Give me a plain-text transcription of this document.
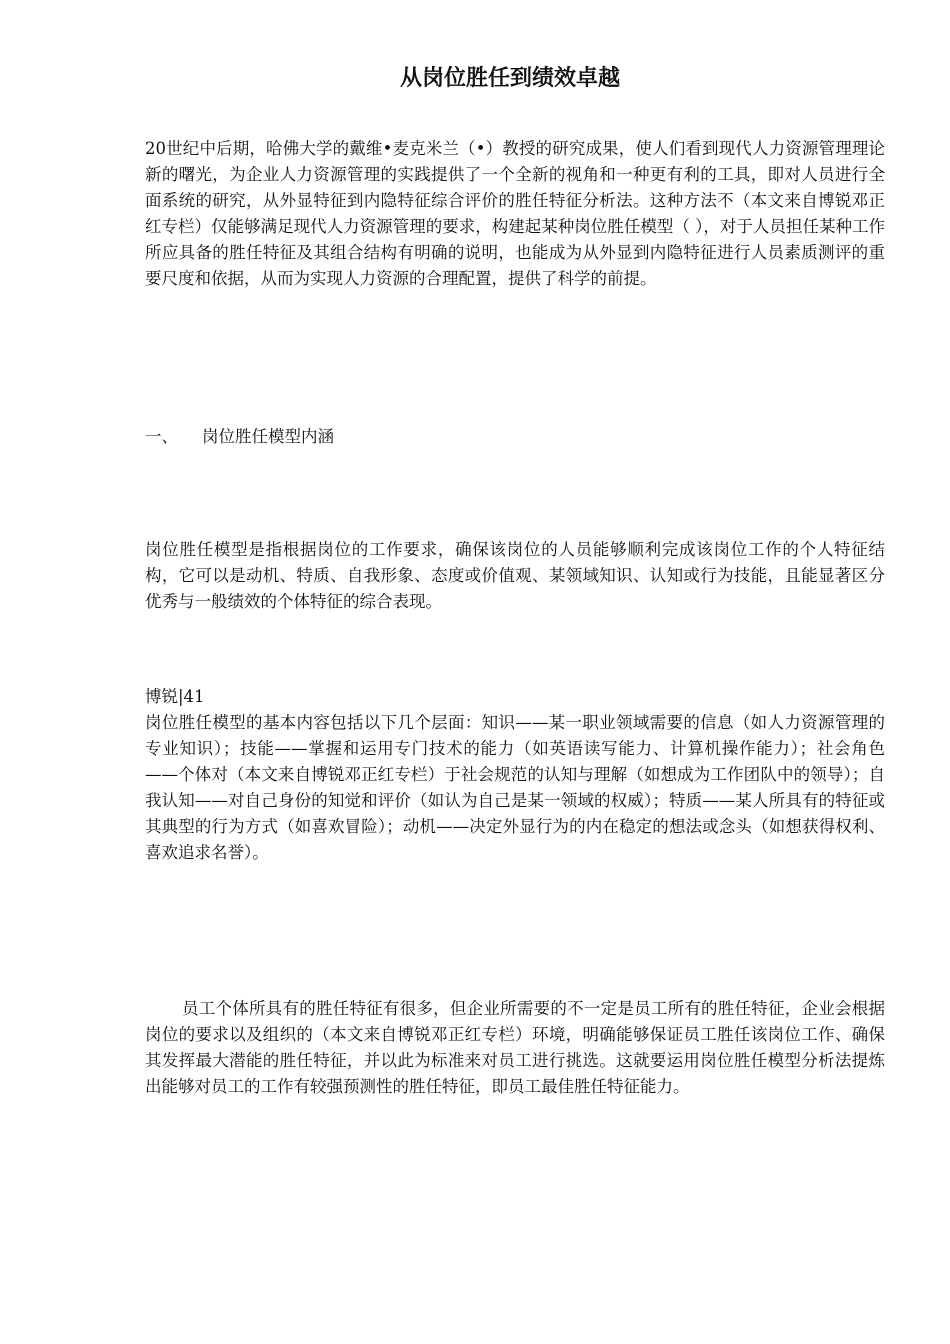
从岗位胜任到绩效卓越

20世纪中后期，哈佛大学的戴维•麦克米兰（•）教授的研究成果，使人们看到现代人力资源管理理论新的曙光，为企业人力资源管理的实践提供了一个全新的视角和一种更有利的工具，即对人员进行全面系统的研究，从外显特征到内隐特征综合评价的胜任特征分析法。这种方法不（本文来自博锐邓正红专栏）仅能够满足现代人力资源管理的要求，构建起某种岗位胜任模型（ ），对于人员担任某种工作所应具备的胜任特征及其组合结构有明确的说明，也能成为从外显到内隐特征进行人员素质测评的重要尺度和依据，从而为实现人力资源的合理配置，提供了科学的前提。

一、 岗位胜任模型内涵

岗位胜任模型是指根据岗位的工作要求，确保该岗位的人员能够顺利完成该岗位工作的个人特征结构，它可以是动机、特质、自我形象、态度或价值观、某领域知识、认知或行为技能，且能显著区分优秀与一般绩效的个体特征的综合表现。

博锐|41

岗位胜任模型的基本内容包括以下几个层面：知识——某一职业领域需要的信息（如人力资源管理的专业知识）；技能——掌握和运用专门技术的能力（如英语读写能力、计算机操作能力）；社会角色——个体对（本文来自博锐邓正红专栏）于社会规范的认知与理解（如想成为工作团队中的领导）；自我认知——对自己身份的知觉和评价（如认为自己是某一领域的权威）；特质——某人所具有的特征或其典型的行为方式（如喜欢冒险）；动机——决定外显行为的内在稳定的想法或念头（如想获得权利、喜欢追求名誉）。

员工个体所具有的胜任特征有很多，但企业所需要的不一定是员工所有的胜任特征，企业会根据岗位的要求以及组织的（本文来自博锐邓正红专栏）环境，明确能够保证员工胜任该岗位工作、确保其发挥最大潜能的胜任特征，并以此为标准来对员工进行挑选。这就要运用岗位胜任模型分析法提炼出能够对员工的工作有较强预测性的胜任特征，即员工最佳胜任特征能力。
